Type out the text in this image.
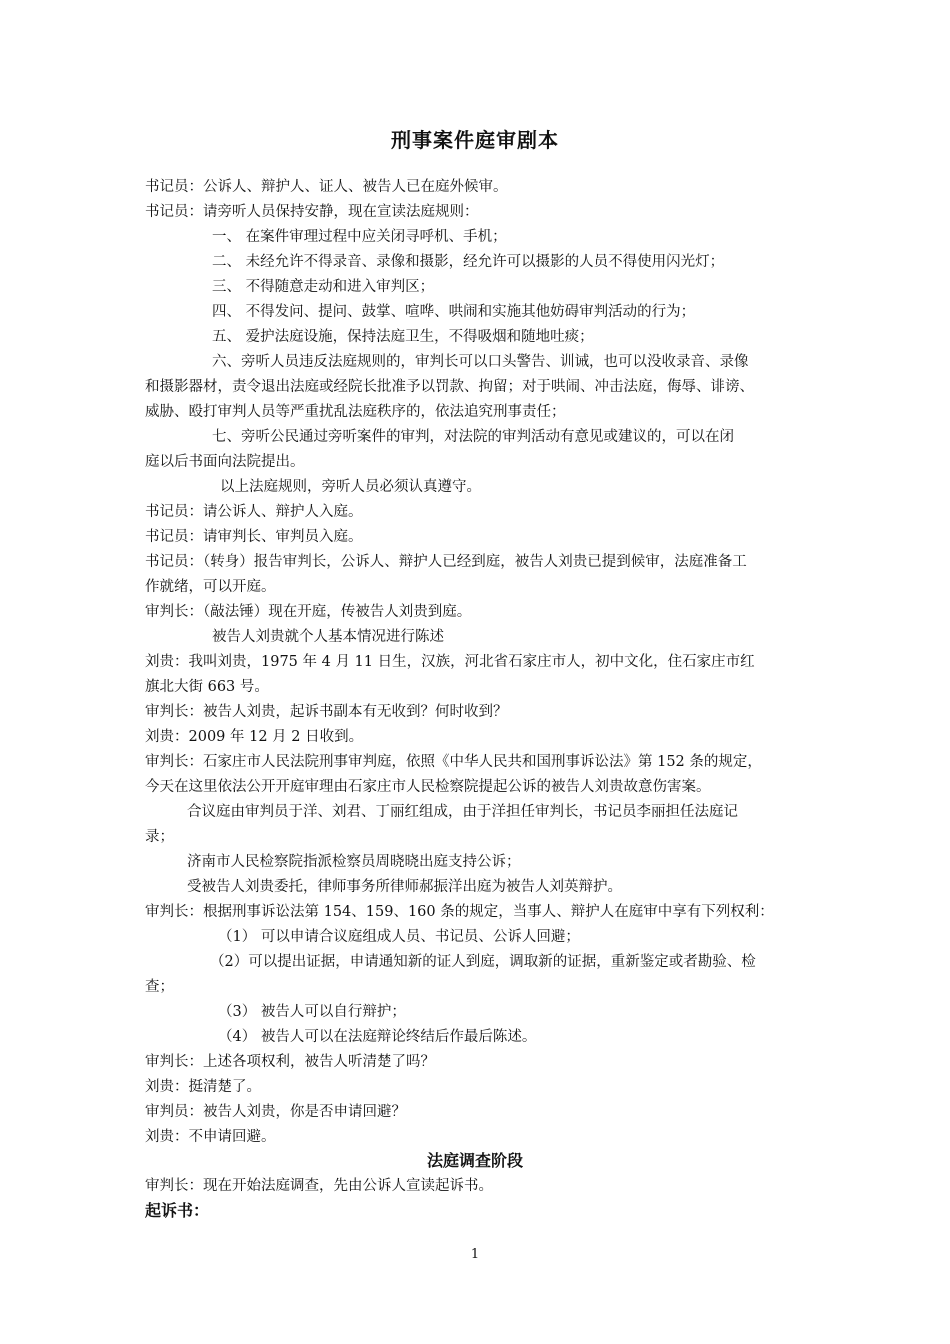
刑事案件庭审剧本
书记员：公诉人、辩护人、证人、被告人已在庭外候审。
书记员：请旁听人员保持安静，现在宣读法庭规则：
一、 在案件审理过程中应关闭寻呼机、手机；
二、 未经允许不得录音、录像和摄影，经允许可以摄影的人员不得使用闪光灯；
三、 不得随意走动和进入审判区；
四、 不得发问、提问、鼓掌、喧哗、哄闹和实施其他妨碍审判活动的行为；
五、 爱护法庭设施，保持法庭卫生，不得吸烟和随地吐痰；
六、旁听人员违反法庭规则的，审判长可以口头警告、训诫，也可以没收录音、录像
和摄影器材，责令退出法庭或经院长批准予以罚款、拘留；对于哄闹、冲击法庭，侮辱、诽谤、
威胁、殴打审判人员等严重扰乱法庭秩序的，依法追究刑事责任；
七、旁听公民通过旁听案件的审判，对法院的审判活动有意见或建议的，可以在闭
庭以后书面向法院提出。
以上法庭规则，旁听人员必须认真遵守。
书记员：请公诉人、辩护人入庭。
书记员：请审判长、审判员入庭。
书记员：（转身）报告审判长，公诉人、辩护人已经到庭，被告人刘贵已提到候审，法庭准备工
作就绪，可以开庭。
审判长：（敲法锤）现在开庭，传被告人刘贵到庭。
被告人刘贵就个人基本情况进行陈述
刘贵：我叫刘贵，1975 年 4 月 11 日生，汉族，河北省石家庄市人，初中文化，住石家庄市红
旗北大街 663 号。
审判长：被告人刘贵，起诉书副本有无收到？何时收到？
刘贵：2009 年 12 月 2 日收到。
审判长：石家庄市人民法院刑事审判庭，依照《中华人民共和国刑事诉讼法》第 152 条的规定，
今天在这里依法公开开庭审理由石家庄市人民检察院提起公诉的被告人刘贵故意伤害案。
合议庭由审判员于洋、刘君、丁丽红组成，由于洋担任审判长，书记员李丽担任法庭记
录；
济南市人民检察院指派检察员周晓晓出庭支持公诉；
受被告人刘贵委托，律师事务所律师郝振洋出庭为被告人刘英辩护。
审判长：根据刑事诉讼法第 154、159、160 条的规定，当事人、辩护人在庭审中享有下列权利：
（1） 可以申请合议庭组成人员、书记员、公诉人回避；
（2）可以提出证据，申请通知新的证人到庭，调取新的证据，重新鉴定或者勘验、检
查；
（3） 被告人可以自行辩护；
（4） 被告人可以在法庭辩论终结后作最后陈述。
审判长：上述各项权利，被告人听清楚了吗？
刘贵：挺清楚了。
审判员：被告人刘贵，你是否申请回避？
刘贵：不申请回避。
法庭调查阶段
审判长：现在开始法庭调查，先由公诉人宣读起诉书。
起诉书：
1
